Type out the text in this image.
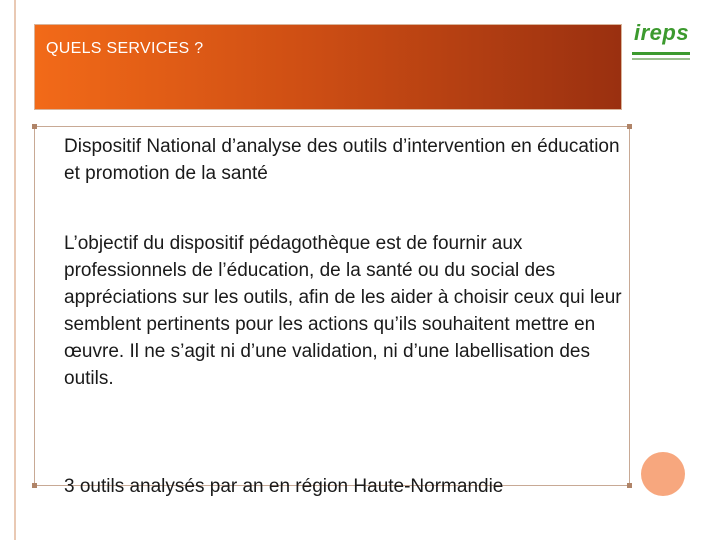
QUELS SERVICES ?
ireps
Dispositif National d’analyse des outils d’intervention en éducation et promotion de la santé
L’objectif du dispositif pédagothèque est de fournir aux professionnels de l’éducation, de la santé ou du social des appréciations sur les outils, afin de les aider à choisir ceux qui leur semblent pertinents pour les actions qu’ils souhaitent mettre en œuvre. Il ne s’agit ni d’une validation, ni d’une labellisation des outils.
3 outils analysés par an en région Haute-Normandie
